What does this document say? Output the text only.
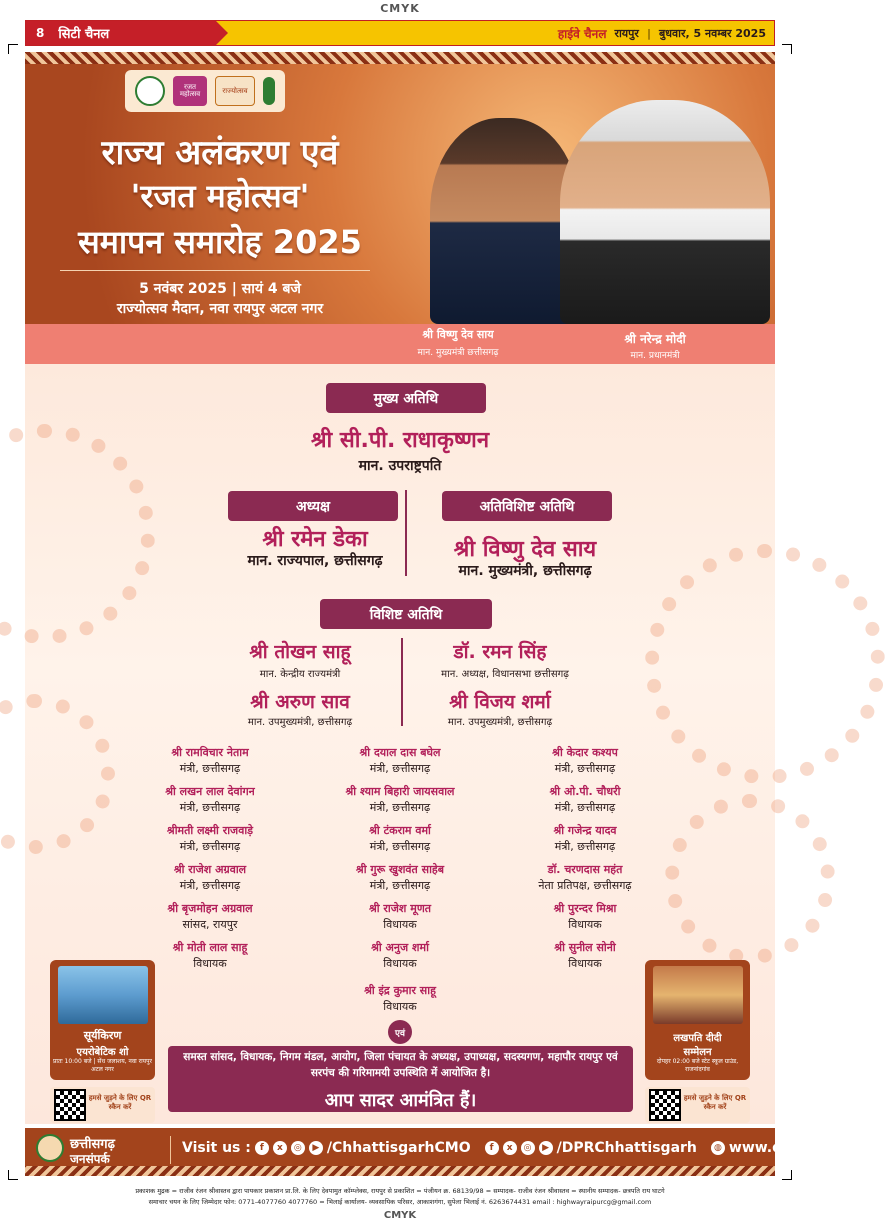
CMYK
8 सिटी चैनल	हाईवे चैनल रायपुर | बुधवार, 5 नवम्बर 2025
रजत महोत्सव	राज्योत्सव
राज्य अलंकरण एवं
'रजत महोत्सव'
समापन समारोह 2025
5 नवंबर 2025 | सायं 4 बजे
राज्योत्सव मैदान, नवा रायपुर अटल नगर
श्री विष्णु देव साय
मान. मुख्यमंत्री छत्तीसगढ़
श्री नरेन्द्र मोदी
मान. प्रधानमंत्री
मुख्य अतिथि
श्री सी.पी. राधाकृष्णन
मान. उपराष्ट्रपति
अध्यक्ष
श्री रमेन डेका
मान. राज्यपाल, छत्तीसगढ़
अतिविशिष्ट अतिथि
श्री विष्णु देव साय
मान. मुख्यमंत्री, छत्तीसगढ़
विशिष्ट अतिथि
श्री तोखन साहू
मान. केन्द्रीय राज्यमंत्री
डॉ. रमन सिंह
मान. अध्यक्ष, विधानसभा छत्तीसगढ़
श्री अरुण साव
मान. उपमुख्यमंत्री, छत्तीसगढ़
श्री विजय शर्मा
मान. उपमुख्यमंत्री, छत्तीसगढ़
श्री रामविचार नेताम
मंत्री, छत्तीसगढ़
श्री लखन लाल देवांगन
मंत्री, छत्तीसगढ़
श्रीमती लक्ष्मी राजवाड़े
मंत्री, छत्तीसगढ़
श्री राजेश अग्रवाल
मंत्री, छत्तीसगढ़
श्री बृजमोहन अग्रवाल
सांसद, रायपुर
श्री मोती लाल साहू
विधायक
श्री दयाल दास बघेल
मंत्री, छत्तीसगढ़
श्री श्याम बिहारी जायसवाल
मंत्री, छत्तीसगढ़
श्री टंकराम वर्मा
मंत्री, छत्तीसगढ़
श्री गुरू खुशवंत साहेब
मंत्री, छत्तीसगढ़
श्री राजेश मूणत
विधायक
श्री अनुज शर्मा
विधायक
श्री इंद्र कुमार साहू
विधायक
श्री केदार कश्यप
मंत्री, छत्तीसगढ़
श्री ओ.पी. चौधरी
मंत्री, छत्तीसगढ़
श्री गजेन्द्र यादव
मंत्री, छत्तीसगढ़
डॉ. चरणदास महंत
नेता प्रतिपक्ष, छत्तीसगढ़
श्री पुरन्दर मिश्रा
विधायक
श्री सुनील सोनी
विधायक
सूर्यकिरण
एयरोबेटिक शो
प्रातः 10:00 बजे | सेंध जलाशय, नवा रायपुर अटल नगर
हमसे जुड़ने के लिए QR स्कैन करें
लखपति दीदी
सम्मेलन
दोपहर 02:00 बजे स्टेट स्कूल ग्राउंड, राजनांदगांव
हमसे जुड़ने के लिए QR स्कैन करें
एवं
समस्त सांसद, विधायक, निगम मंडल, आयोग, जिला पंचायत के अध्यक्ष, उपाध्यक्ष, सदस्यगण, महापौर रायपुर एवं सरपंच की गरिमामयी उपस्थिति में आयोजित है।
आप सादर आमंत्रित हैं।
छत्तीसगढ़
जनसंपर्क
Visit us :	f	x	◎	▶ /ChhattisgarhCMO	f	x	◎	▶ /DPRChhattisgarh	◍ www.dprcg.gov.in
प्रकाशक मुद्रक = राजीव रंजन श्रीवास्तव द्वारा पायकार प्रकाशन प्रा.लि. के लिए देवपामुत कॉम्प्लेक्स, रायपुर से प्रकाशित = पंजीयन क्र. 68139/98 = सम्पादक- राजीव रंजन श्रीवास्तव = स्थानीय सम्पादक- छत्रपति राय घाटगे
समाचार चयन के लिए जिम्मेदार फोन: 0771-4077760 4077760 = भिलाई कार्यालय- व्यवसायिक परिसर, आकाशगंगा, सुपेला भिलाई नं. 6263674431 email : highwayraipurcg@gmail.com
CMYK
